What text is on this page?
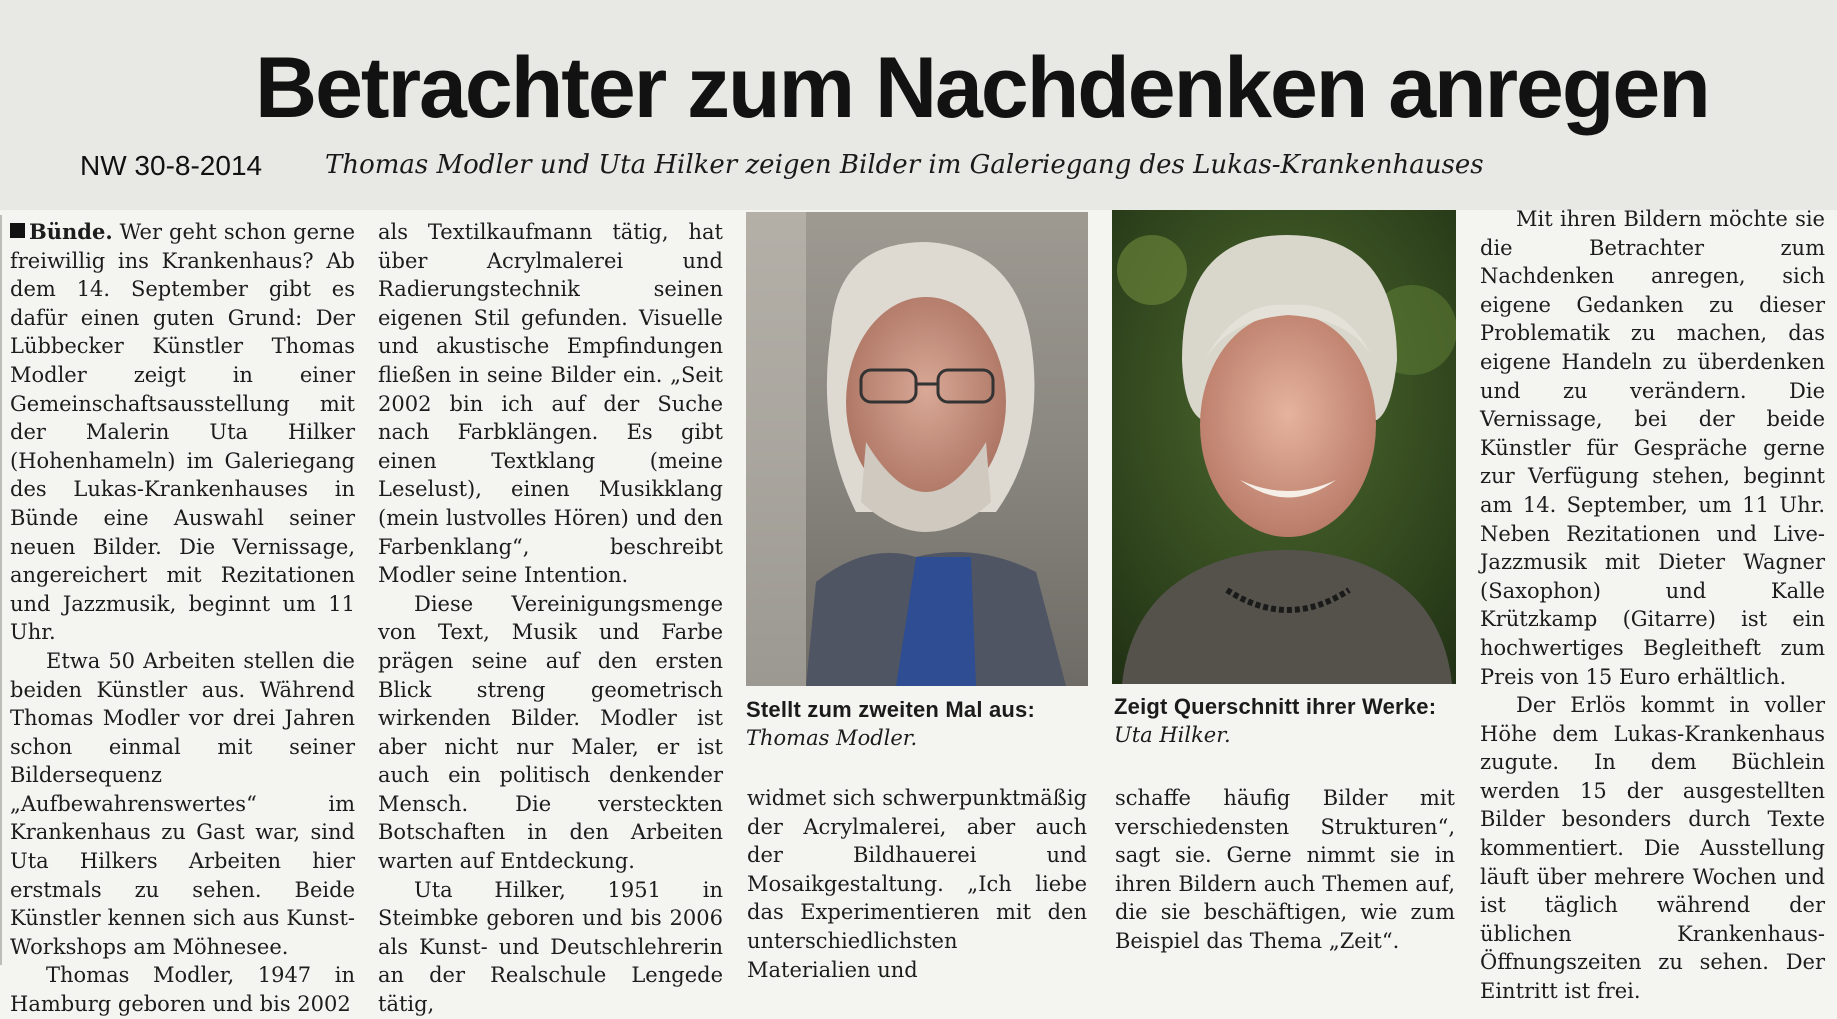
Betrachter zum Nachdenken anregen
NW 30-8-2014 Thomas Modler und Uta Hilker zeigen Bilder im Galeriegang des Lukas-Krankenhauses

Bünde. Wer geht schon gerne freiwillig ins Krankenhaus? Ab dem 14. September gibt es dafür einen guten Grund: Der Lübbecker Künstler Thomas Modler zeigt in einer Gemeinschaftsausstellung mit der Malerin Uta Hilker (Hohenhameln) im Galeriegang des Lukas-Krankenhauses in Bünde eine Auswahl seiner neuen Bilder. Die Vernissage, angereichert mit Rezitationen und Jazzmusik, beginnt um 11 Uhr.

Etwa 50 Arbeiten stellen die beiden Künstler aus. Während Thomas Modler vor drei Jahren schon einmal mit seiner Bildersequenz „Aufbewahrenswertes“ im Krankenhaus zu Gast war, sind Uta Hilkers Arbeiten hier erstmals zu sehen. Beide Künstler kennen sich aus Kunst-Workshops am Möhnesee.

Thomas Modler, 1947 in Hamburg geboren und bis 2002

als Textilkaufmann tätig, hat über Acrylmalerei und Radierungstechnik seinen eigenen Stil gefunden. Visuelle und akustische Empfindungen fließen in seine Bilder ein. „Seit 2002 bin ich auf der Suche nach Farbklängen. Es gibt einen Textklang (meine Leselust), einen Musikklang (mein lustvolles Hören) und den Farbenklang“, beschreibt Modler seine Intention.

Diese Vereinigungsmenge von Text, Musik und Farbe prägen seine auf den ersten Blick streng geometrisch wirkenden Bilder. Modler ist aber nicht nur Maler, er ist auch ein politisch denkender Mensch. Die versteckten Botschaften in den Arbeiten warten auf Entdeckung.

Uta Hilker, 1951 in Steimbke geboren und bis 2006 als Kunst- und Deutschlehrerin an der Realschule Lengede tätig,

Stellt zum zweiten Mal aus:
Thomas Modler.
Zeigt Querschnitt ihrer Werke:
Uta Hilker.

widmet sich schwerpunktmäßig der Acrylmalerei, aber auch der Bildhauerei und Mosaikgestaltung. „Ich liebe das Experimentieren mit den unterschiedlichsten Materialien und

schaffe häufig Bilder mit verschiedensten Strukturen“, sagt sie. Gerne nimmt sie in ihren Bildern auch Themen auf, die sie beschäftigen, wie zum Beispiel das Thema „Zeit“.

Mit ihren Bildern möchte sie die Betrachter zum Nachdenken anregen, sich eigene Gedanken zu dieser Problematik zu machen, das eigene Handeln zu überdenken und zu verändern. Die Vernissage, bei der beide Künstler für Gespräche gerne zur Verfügung stehen, beginnt am 14. September, um 11 Uhr. Neben Rezitationen und Live-Jazzmusik mit Dieter Wagner (Saxophon) und Kalle Krützkamp (Gitarre) ist ein hochwertiges Begleitheft zum Preis von 15 Euro erhältlich.

Der Erlös kommt in voller Höhe dem Lukas-Krankenhaus zugute. In dem Büchlein werden 15 der ausgestellten Bilder besonders durch Texte kommentiert. Die Ausstellung läuft über mehrere Wochen und ist täglich während der üblichen Krankenhaus-Öffnungszeiten zu sehen. Der Eintritt ist frei.
